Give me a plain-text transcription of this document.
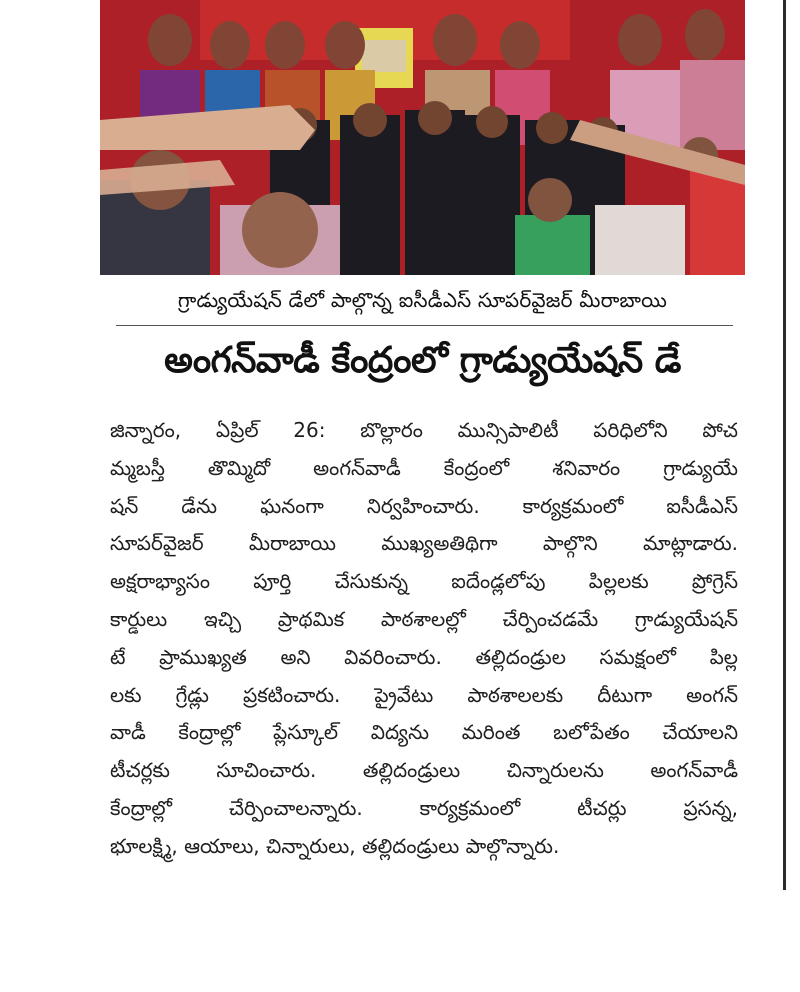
గ్రాడ్యుయేషన్ డేలో పాల్గొన్న ఐసీడీఎస్ సూపర్‌వైజర్ మీరాబాయి
అంగన్‌వాడీ కేంద్రంలో గ్రాడ్యుయేషన్ డే
జిన్నారం, ఏప్రిల్ 26: బొల్లారం మున్సిపాలిటీ పరిధిలోని పోచ
మ్మబస్తీ తొమ్మిదో అంగన్‌వాడీ కేంద్రంలో శనివారం గ్రాడ్యుయే
షన్ డేను ఘనంగా నిర్వహించారు. కార్యక్రమంలో ఐసీడీఎస్
సూపర్‌వైజర్ మీరాబాయి ముఖ్యఅతిథిగా పాల్గొని మాట్లాడారు.
అక్షరాభ్యాసం పూర్తి చేసుకున్న ఐదేండ్లలోపు పిల్లలకు ప్రోగ్రెస్
కార్డులు ఇచ్చి ప్రాథమిక పాఠశాలల్లో చేర్పించడమే గ్రాడ్యుయేషన్
టే ప్రాముఖ్యత అని వివరించారు. తల్లిదండ్రుల సమక్షంలో పిల్ల
లకు గ్రేడ్లు ప్రకటించారు. ప్రైవేటు పాఠశాలలకు దీటుగా అంగన్
వాడీ కేంద్రాల్లో ప్లేస్కూల్ విద్యను మరింత బలోపేతం చేయాలని
టీచర్లకు సూచించారు. తల్లిదండ్రులు చిన్నారులను అంగన్‌వాడీ
కేంద్రాల్లో చేర్పించాలన్నారు. కార్యక్రమంలో టీచర్లు ప్రసన్న,
భూలక్ష్మి, ఆయాలు, చిన్నారులు, తల్లిదండ్రులు పాల్గొన్నారు.
